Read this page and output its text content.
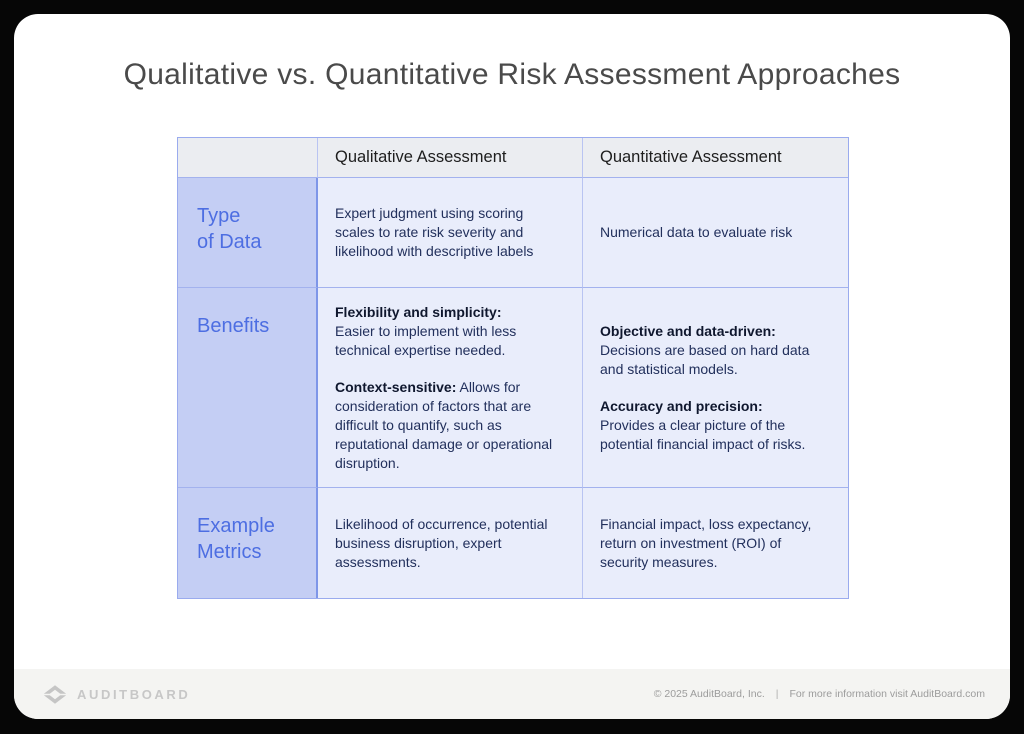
Qualitative vs. Quantitative Risk Assessment Approaches
Qualitative Assessment	Quantitative Assessment
Type
of Data

Expert judgment using scoring scales to rate risk severity and likelihood with descriptive labels

Numerical data to evaluate risk

Benefits

Flexibility and simplicity:
Easier to implement with less technical expertise needed.

Context-sensitive: Allows for consideration of factors that are difficult to quantify, such as reputational damage or operational disruption.

Objective and data-driven:
Decisions are based on hard data and statistical models.

Accuracy and precision:
Provides a clear picture of the potential financial impact of risks.

Example
Metrics

Likelihood of occurrence, potential business disruption, expert assessments.

Financial impact, loss expectancy, return on investment (ROI) of security measures.

AUDITBOARD	© 2025 AuditBoard, Inc. | For more information visit AuditBoard.com
